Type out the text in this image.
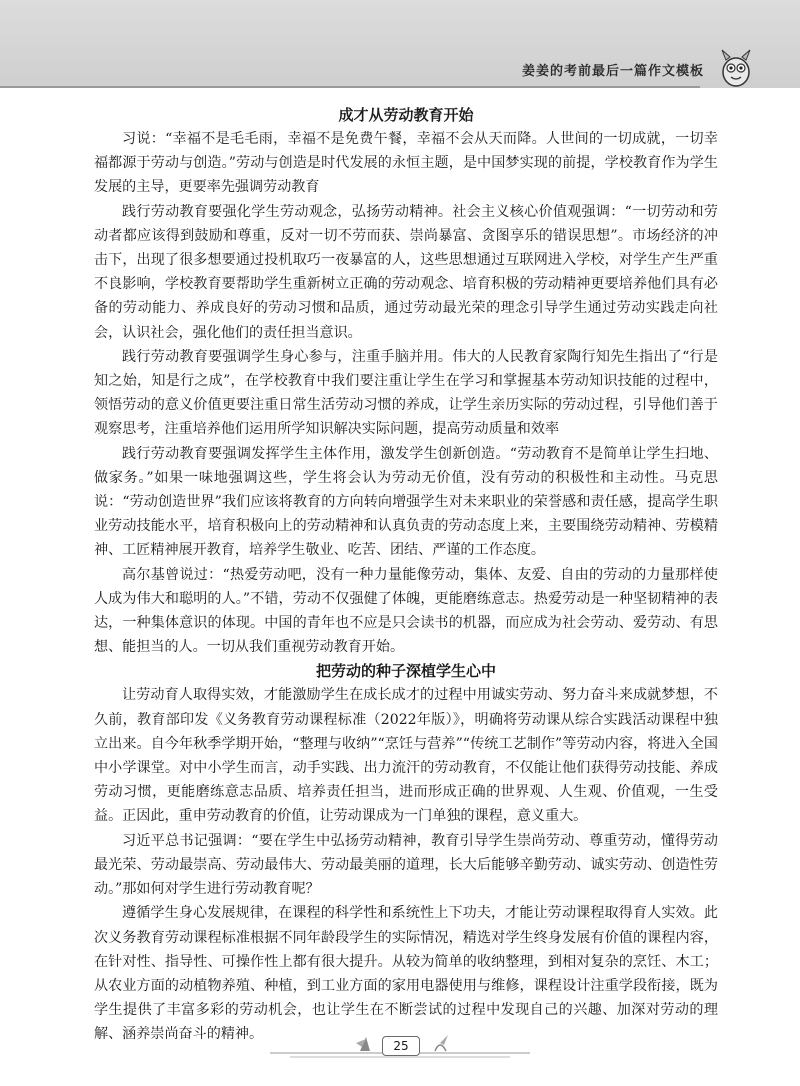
姜姜的考前最后一篇作文模板
成才从劳动教育开始

习说：“幸福不是毛毛雨，幸福不是免费午餐，幸福不会从天而降。人世间的一切成就，一切幸福都源于劳动与创造。”劳动与创造是时代发展的永恒主题，是中国梦实现的前提，学校教育作为学生发展的主导，更要率先强调劳动教育

践行劳动教育要强化学生劳动观念，弘扬劳动精神。社会主义核心价值观强调：“一切劳动和劳动者都应该得到鼓励和尊重，反对一切不劳而获、崇尚暴富、贪图享乐的错误思想”。市场经济的冲击下，出现了很多想要通过投机取巧一夜暴富的人，这些思想通过互联网进入学校，对学生产生严重不良影响，学校教育要帮助学生重新树立正确的劳动观念、培育积极的劳动精神更要培养他们具有必备的劳动能力、养成良好的劳动习惯和品质，通过劳动最光荣的理念引导学生通过劳动实践走向社会，认识社会，强化他们的责任担当意识。

践行劳动教育要强调学生身心参与，注重手脑并用。伟大的人民教育家陶行知先生指出了“行是知之始，知是行之成”，在学校教育中我们要注重让学生在学习和掌握基本劳动知识技能的过程中，领悟劳动的意义价值更要注重日常生活劳动习惯的养成，让学生亲历实际的劳动过程，引导他们善于观察思考，注重培养他们运用所学知识解决实际问题，提高劳动质量和效率

践行劳动教育要强调发挥学生主体作用，激发学生创新创造。“劳动教育不是简单让学生扫地、做家务。”如果一味地强调这些，学生将会认为劳动无价值，没有劳动的积极性和主动性。马克思说：“劳动创造世界”我们应该将教育的方向转向增强学生对未来职业的荣誉感和责任感，提高学生职业劳动技能水平，培育积极向上的劳动精神和认真负责的劳动态度上来，主要围绕劳动精神、劳模精神、工匠精神展开教育，培养学生敬业、吃苦、团结、严谨的工作态度。

高尔基曾说过：“热爱劳动吧，没有一种力量能像劳动，集体、友爱、自由的劳动的力量那样使人成为伟大和聪明的人。”不错，劳动不仅强健了体魄，更能磨练意志。热爱劳动是一种坚韧精神的表达，一种集体意识的体现。中国的青年也不应是只会读书的机器，而应成为社会劳动、爱劳动、有思想、能担当的人。一切从我们重视劳动教育开始。

把劳动的种子深植学生心中

让劳动育人取得实效，才能激励学生在成长成才的过程中用诚实劳动、努力奋斗来成就梦想，不久前，教育部印发《义务教育劳动课程标准（2022年版）》，明确将劳动课从综合实践活动课程中独立出来。自今年秋季学期开始，“整理与收纳”“烹饪与营养”“传统工艺制作”等劳动内容，将进入全国中小学课堂。对中小学生而言，动手实践、出力流汗的劳动教育，不仅能让他们获得劳动技能、养成劳动习惯，更能磨练意志品质、培养责任担当，进而形成正确的世界观、人生观、价值观，一生受益。正因此，重申劳动教育的价值，让劳动课成为一门单独的课程，意义重大。

习近平总书记强调：“要在学生中弘扬劳动精神，教育引导学生崇尚劳动、尊重劳动，懂得劳动最光荣、劳动最崇高、劳动最伟大、劳动最美丽的道理，长大后能够辛勤劳动、诚实劳动、创造性劳动。”那如何对学生进行劳动教育呢？

遵循学生身心发展规律，在课程的科学性和系统性上下功夫，才能让劳动课程取得育人实效。此次义务教育劳动课程标准根据不同年龄段学生的实际情况，精选对学生终身发展有价值的课程内容，在针对性、指导性、可操作性上都有很大提升。从较为简单的收纳整理，到相对复杂的烹饪、木工；从农业方面的动植物养殖、种植，到工业方面的家用电器使用与维修，课程设计注重学段衔接，既为学生提供了丰富多彩的劳动机会，也让学生在不断尝试的过程中发现自己的兴趣、加深对劳动的理解、涵养崇尚奋斗的精神。

25
